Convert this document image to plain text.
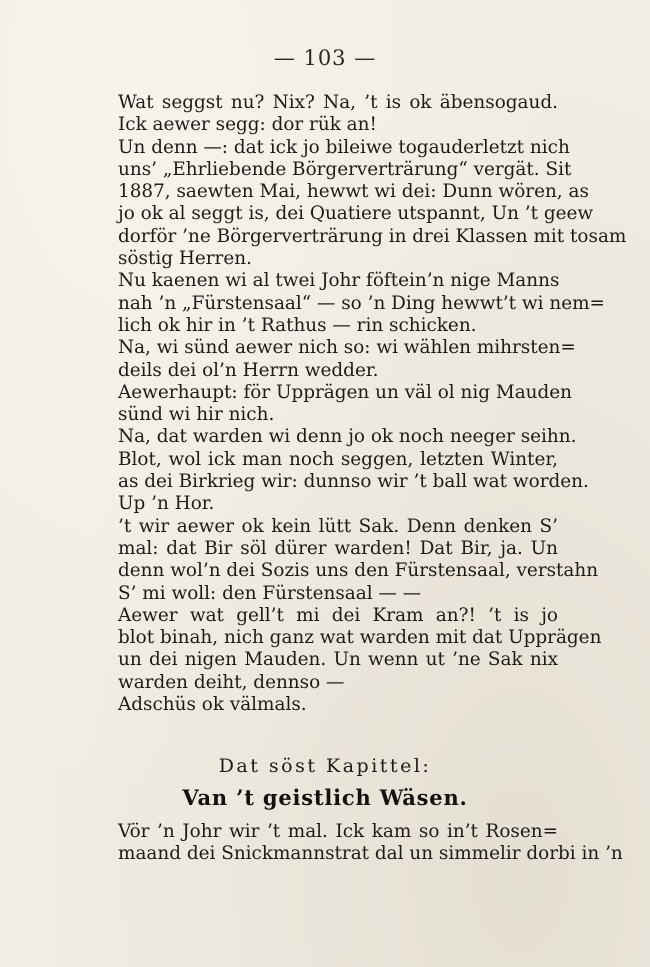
— 103 —
Wat seggst nu? Nix? Na, ’t is ok äbensogaud.
Ick aewer segg: dor rük an!
Un denn —: dat ick jo bileiwe togauderletzt nich
uns’ „Ehrliebende Börgerverträrung“ vergät. Sit
1887, saewten Mai, hewwt wi dei: Dunn wören, as
jo ok al seggt is, dei Quatiere utspannt, Un ’t geew
dorför ’ne Börgerverträrung in drei Klassen mit tosam
söstig Herren.
Nu kaenen wi al twei Johr föftein’n nige Manns
nah ’n „Fürstensaal“ — so ’n Ding hewwt’t wi nem=
lich ok hir in ’t Rathus — rin schicken.
Na, wi sünd aewer nich so: wi wählen mihrsten=
deils dei ol’n Herrn wedder.
Aewerhaupt: för Upprägen un väl ol nig Mauden
sünd wi hir nich.
Na, dat warden wi denn jo ok noch neeger seihn.
Blot, wol ick man noch seggen, letzten Winter,
as dei Birkrieg wir: dunnso wir ’t ball wat worden.
Up ’n Hor.
’t wir aewer ok kein lütt Sak. Denn denken S’
mal: dat Bir söl dürer warden! Dat Bir, ja. Un
denn wol’n dei Sozis uns den Fürstensaal, verstahn
S’ mi woll: den Fürstensaal — —
Aewer wat gell’t mi dei Kram an?! ’t is jo
blot binah, nich ganz wat warden mit dat Upprägen
un dei nigen Mauden. Un wenn ut ’ne Sak nix
warden deiht, dennso —
Adschüs ok välmals.
Dat söst Kapittel:
Van ’t geistlich Wäsen.
Vör ’n Johr wir ’t mal. Ick kam so in’t Rosen=
maand dei Snickmannstrat dal un simmelir dorbi in ’n
